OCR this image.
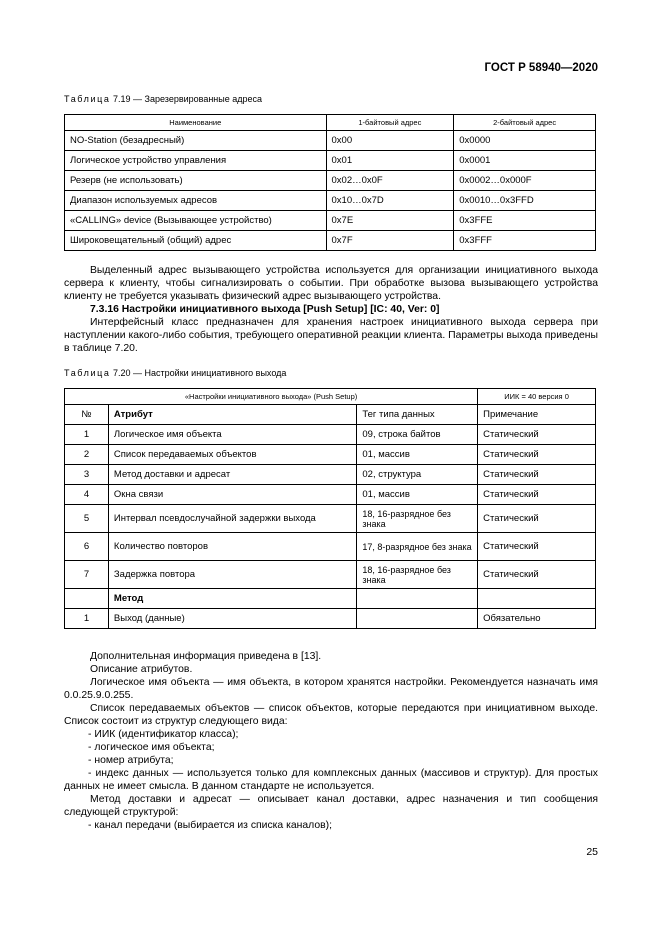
ГОСТ Р 58940—2020
Таблица 7.19 — Зарезервированные адреса
Наименование	1-байтовый адрес	2-байтовый адрес
NO-Station (безадресный)	0x00	0x0000
Логическое устройство управления	0x01	0x0001
Резерв (не использовать)	0x02…0x0F	0x0002…0x000F
Диапазон используемых адресов	0x10…0x7D	0x0010…0x3FFD
«CALLING» device (Вызывающее устройство)	0x7E	0x3FFE
Широковещательный (общий) адрес	0x7F	0x3FFF

Выделенный адрес вызывающего устройства используется для организации инициативного выхода сервера к клиенту, чтобы сигнализировать о событии. При обработке вызова вызывающего устройства клиенту не требуется указывать физический адрес вызывающего устройства.

7.3.16 Настройки инициативного выхода [Push Setup] [IC: 40, Ver: 0]

Интерфейсный класс предназначен для хранения настроек инициативного выхода сервера при наступлении какого-либо события, требующего оперативной реакции клиента. Параметры выхода приведены в таблице 7.20.

Таблица 7.20 — Настройки инициативного выхода
«Настройки инициативного выхода» (Push Setup)			ИИК = 40 версия 0
№	Атрибут	Тег типа данных	Примечание
1	Логическое имя объекта	09, строка байтов	Статический
2	Список передаваемых объектов	01, массив	Статический
3	Метод доставки и адресат	02, структура	Статический
4	Окна связи	01, массив	Статический
5	Интервал псевдослучайной задержки выхода	18, 16-разрядное без знака	Статический
6	Количество повторов	17, 8-разрядное без знака	Статический
7	Задержка повтора	18, 16-разрядное без знака	Статический
	Метод		
1	Выход (данные)		Обязательно

Дополнительная информация приведена в [13].

Описание атрибутов.

Логическое имя объекта — имя объекта, в котором хранятся настройки. Рекомендуется назначать имя 0.0.25.9.0.255.

Список передаваемых объектов — список объектов, которые передаются при инициативном выходе. Список состоит из структур следующего вида:

- ИИК (идентификатор класса);

- логическое имя объекта;

- номер атрибута;

- индекс данных — используется только для комплексных данных (массивов и структур). Для простых данных не имеет смысла. В данном стандарте не используется.

Метод доставки и адресат — описывает канал доставки, адрес назначения и тип сообщения следующей структурой:

- канал передачи (выбирается из списка каналов);

25
